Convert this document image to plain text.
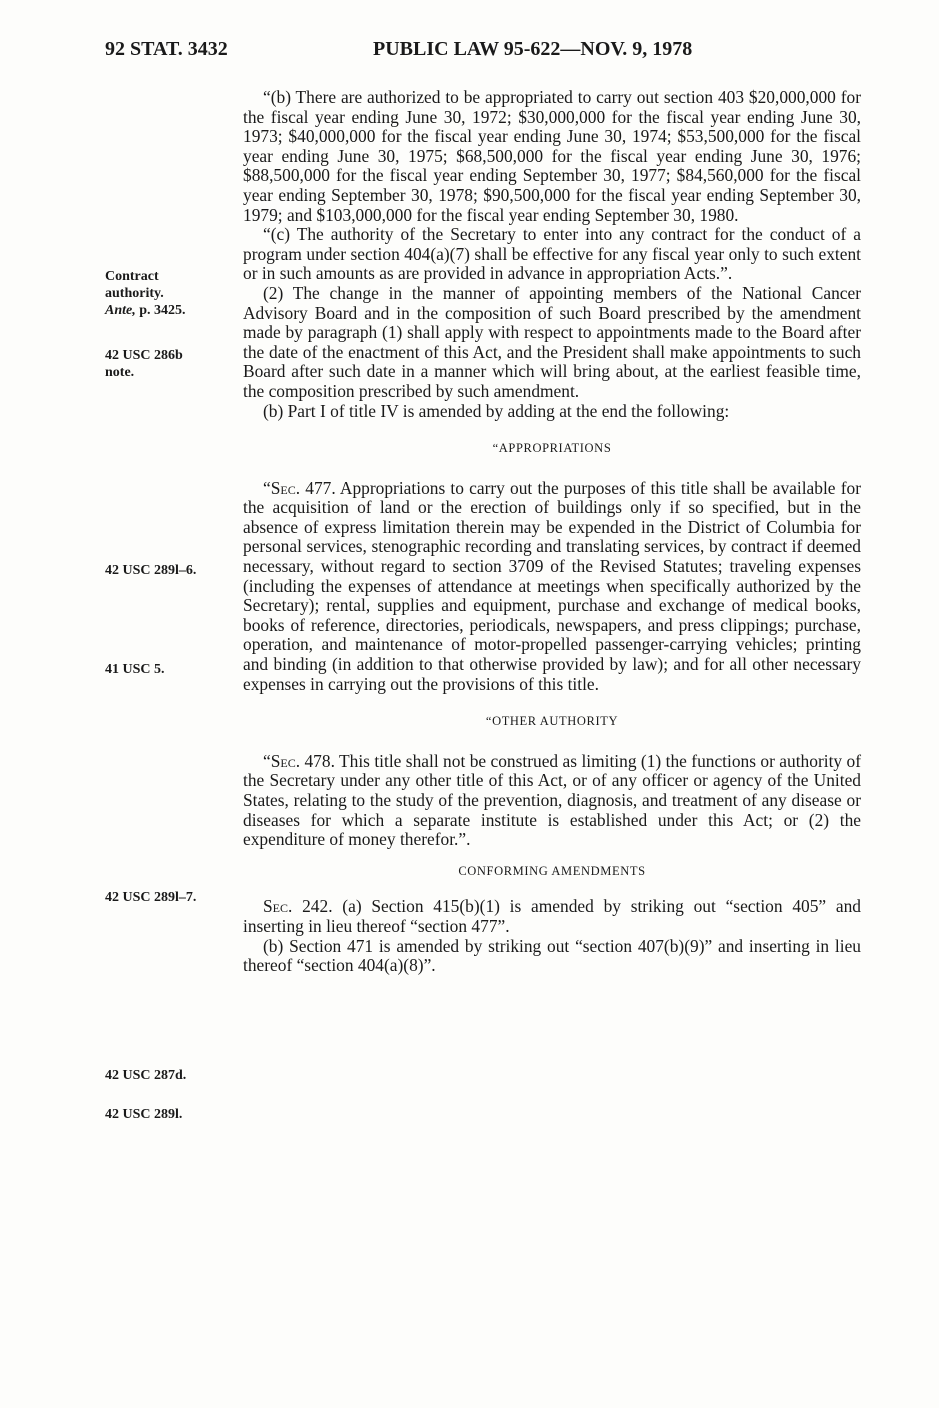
92 STAT. 3432	PUBLIC LAW 95-622—NOV. 9, 1978
Contract
authority.
Ante, p. 3425.
42 USC 286b
note.
42 USC 289l–6.
41 USC 5.
42 USC 289l–7.
42 USC 287d.
42 USC 289l.

“(b) There are authorized to be appropriated to carry out section 403 $20,000,000 for the fiscal year ending June 30, 1972; $30,000,000 for the fiscal year ending June 30, 1973; $40,000,000 for the fiscal year ending June 30, 1974; $53,500,000 for the fiscal year ending June 30, 1975; $68,500,000 for the fiscal year ending June 30, 1976; $88,500,000 for the fiscal year ending September 30, 1977; $84,560,000 for the fiscal year ending September 30, 1978; $90,500,000 for the fiscal year ending September 30, 1979; and $103,000,000 for the fiscal year ending September 30, 1980.

“(c) The authority of the Secretary to enter into any contract for the conduct of a program under section 404(a)(7) shall be effective for any fiscal year only to such extent or in such amounts as are provided in advance in appropriation Acts.”.

(2) The change in the manner of appointing members of the National Cancer Advisory Board and in the composition of such Board prescribed by the amendment made by paragraph (1) shall apply with respect to appointments made to the Board after the date of the enactment of this Act, and the President shall make appointments to such Board after such date in a manner which will bring about, at the earliest feasible time, the composition prescribed by such amendment.

(b) Part I of title IV is amended by adding at the end the following:

“APPROPRIATIONS

“Sec. 477. Appropriations to carry out the purposes of this title shall be available for the acquisition of land or the erection of buildings only if so specified, but in the absence of express limitation therein may be expended in the District of Columbia for personal services, stenographic recording and translating services, by contract if deemed necessary, without regard to section 3709 of the Revised Statutes; traveling expenses (including the expenses of attendance at meetings when specifically authorized by the Secretary); rental, supplies and equipment, purchase and exchange of medical books, books of reference, directories, periodicals, newspapers, and press clippings; purchase, operation, and maintenance of motor-propelled passenger-carrying vehicles; printing and binding (in addition to that otherwise provided by law); and for all other necessary expenses in carrying out the provisions of this title.

“OTHER AUTHORITY

“Sec. 478. This title shall not be construed as limiting (1) the functions or authority of the Secretary under any other title of this Act, or of any officer or agency of the United States, relating to the study of the prevention, diagnosis, and treatment of any disease or diseases for which a separate institute is established under this Act; or (2) the expenditure of money therefor.”.

CONFORMING AMENDMENTS

Sec. 242. (a) Section 415(b)(1) is amended by striking out “section 405” and inserting in lieu thereof “section 477”.

(b) Section 471 is amended by striking out “section 407(b)(9)” and inserting in lieu thereof “section 404(a)(8)”.
